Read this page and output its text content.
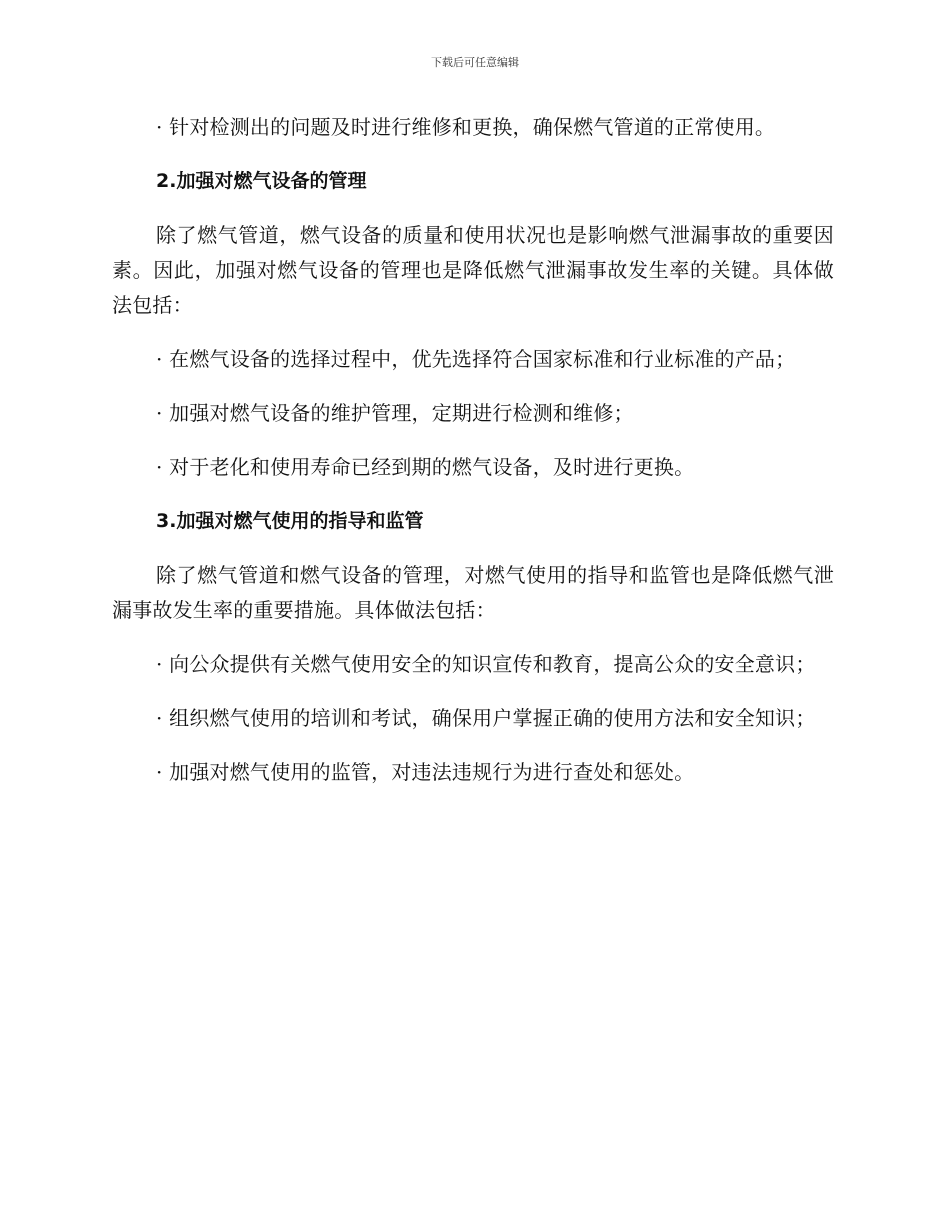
下载后可任意编辑

· 针对检测出的问题及时进行维修和更换，确保燃气管道的正常使用。

2.加强对燃气设备的管理

除了燃气管道，燃气设备的质量和使用状况也是影响燃气泄漏事故的重要因素。因此，加强对燃气设备的管理也是降低燃气泄漏事故发生率的关键。具体做法包括：

· 在燃气设备的选择过程中，优先选择符合国家标准和行业标准的产品；

· 加强对燃气设备的维护管理，定期进行检测和维修；

· 对于老化和使用寿命已经到期的燃气设备，及时进行更换。

3.加强对燃气使用的指导和监管

除了燃气管道和燃气设备的管理，对燃气使用的指导和监管也是降低燃气泄漏事故发生率的重要措施。具体做法包括：

· 向公众提供有关燃气使用安全的知识宣传和教育，提高公众的安全意识；

· 组织燃气使用的培训和考试，确保用户掌握正确的使用方法和安全知识；

· 加强对燃气使用的监管，对违法违规行为进行查处和惩处。
